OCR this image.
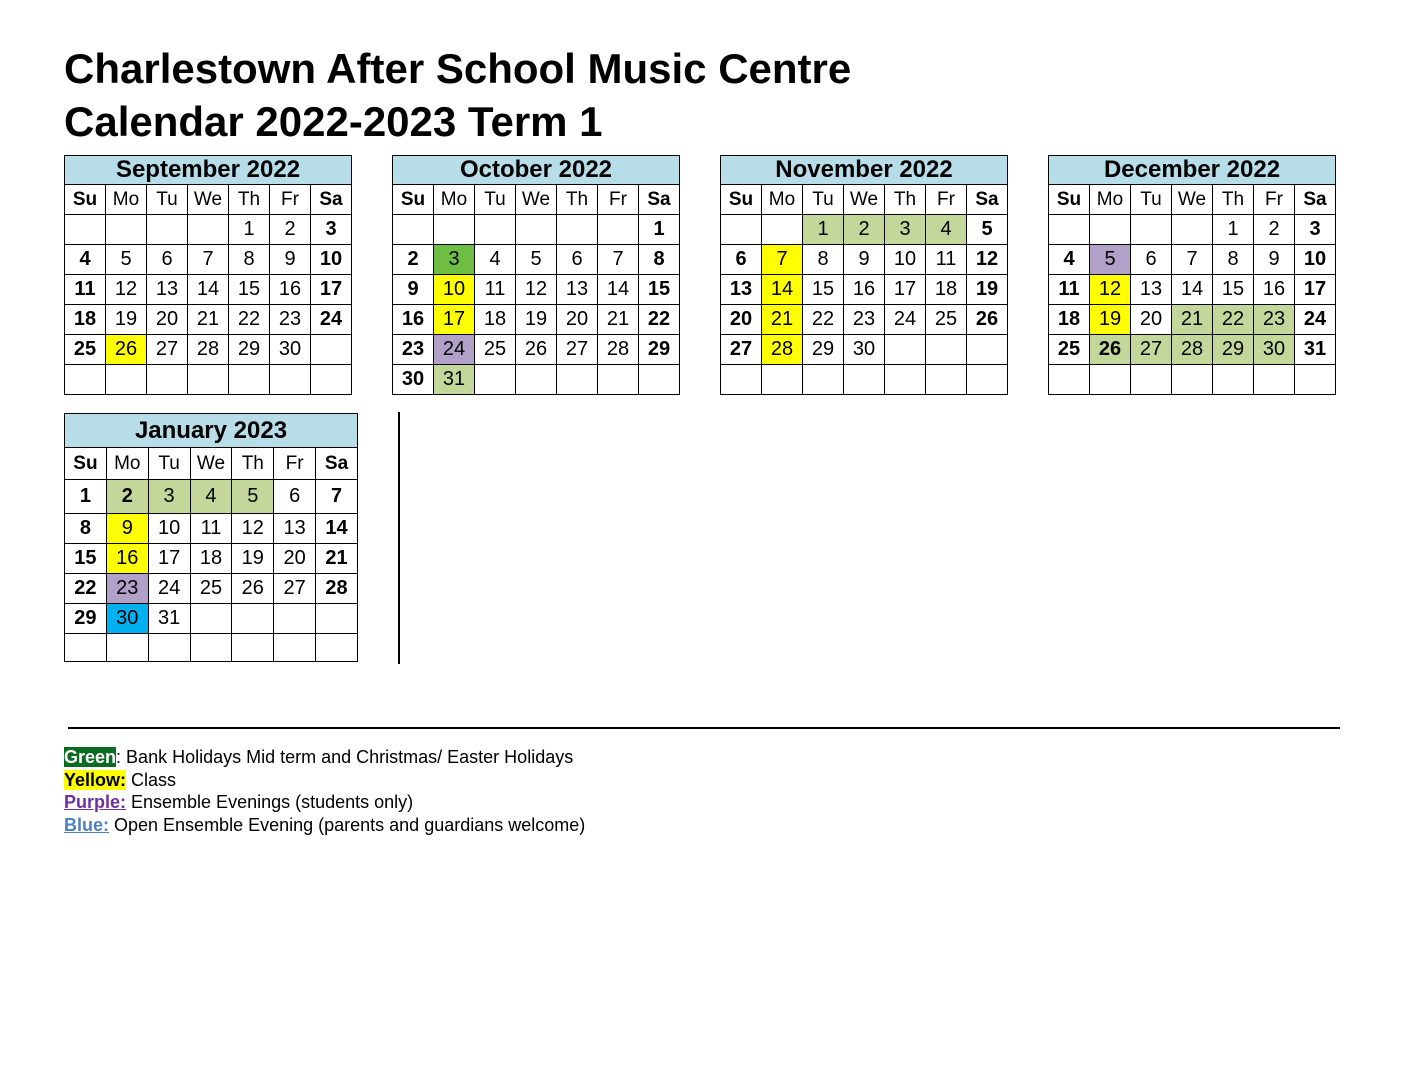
Charlestown After School Music Centre
Calendar 2022-2023 Term 1
September 2022						
Su	Mo	Tu	We	Th	Fr	Sa
				1	2	3
4	5	6	7	8	9	10
11	12	13	14	15	16	17
18	19	20	21	22	23	24
25	26	27	28	29	30	

October 2022						
Su	Mo	Tu	We	Th	Fr	Sa
						1
2	3	4	5	6	7	8
9	10	11	12	13	14	15
16	17	18	19	20	21	22
23	24	25	26	27	28	29
30	31					
November 2022						
Su	Mo	Tu	We	Th	Fr	Sa
		1	2	3	4	5
6	7	8	9	10	11	12
13	14	15	16	17	18	19
20	21	22	23	24	25	26
27	28	29	30			

December 2022						
Su	Mo	Tu	We	Th	Fr	Sa
				1	2	3
4	5	6	7	8	9	10
11	12	13	14	15	16	17
18	19	20	21	22	23	24
25	26	27	28	29	30	31

January 2023						
Su	Mo	Tu	We	Th	Fr	Sa
1	2	3	4	5	6	7
8	9	10	11	12	13	14
15	16	17	18	19	20	21
22	23	24	25	26	27	28
29	30	31				

Green: Bank Holidays Mid term and Christmas/ Easter Holidays
Yellow: Class
Purple: Ensemble Evenings (students only)
Blue: Open Ensemble Evening (parents and guardians welcome)
